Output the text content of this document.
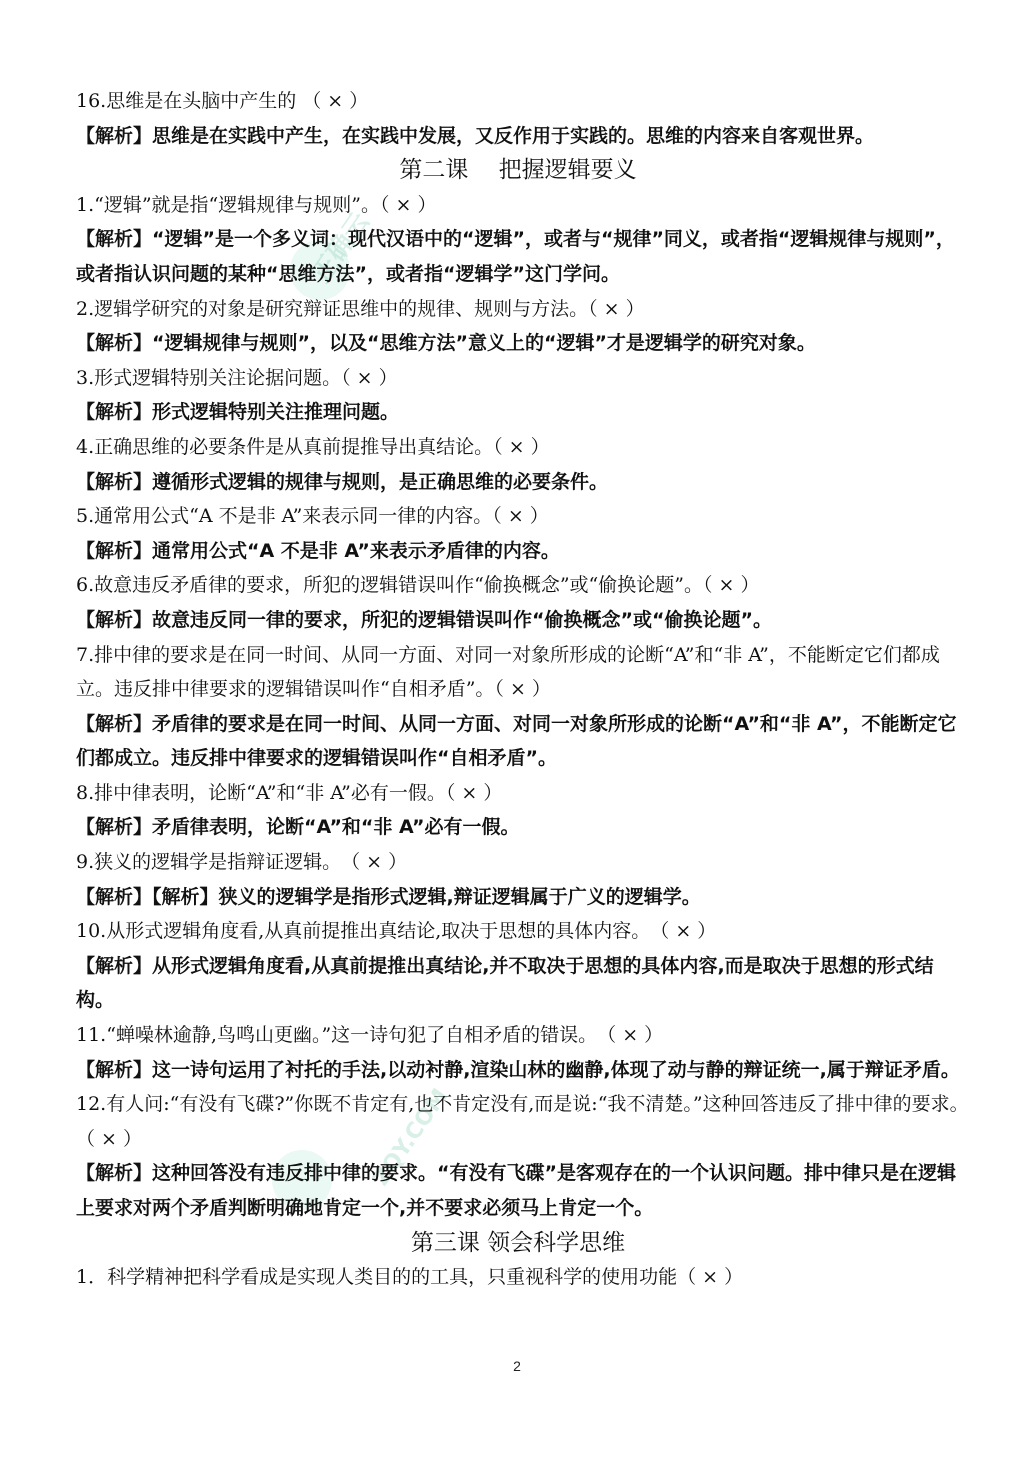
正确云
ZQY.COM

16.思维是在头脑中产生的 （ × ）

【解析】思维是在实践中产生，在实践中发展，又反作用于实践的。思维的内容来自客观世界。

第二课　 把握逻辑要义

1.“逻辑”就是指“逻辑规律与规则”。（ × ）

【解析】“逻辑”是一个多义词：现代汉语中的“逻辑”，或者与“规律”同义，或者指“逻辑规律与规则”，或者指认识问题的某种“思维方法”，或者指“逻辑学”这门学问。

2.逻辑学研究的对象是研究辩证思维中的规律、规则与方法。（ × ）

【解析】“逻辑规律与规则”，以及“思维方法”意义上的“逻辑”才是逻辑学的研究对象。

3.形式逻辑特别关注论据问题。（ × ）

【解析】形式逻辑特别关注推理问题。

4.正确思维的必要条件是从真前提推导出真结论。（ × ）

【解析】遵循形式逻辑的规律与规则，是正确思维的必要条件。

5.通常用公式“A 不是非 A”来表示同一律的内容。（ × ）

【解析】通常用公式“A 不是非 A”来表示矛盾律的内容。

6.故意违反矛盾律的要求，所犯的逻辑错误叫作“偷换概念”或“偷换论题”。（ × ）

【解析】故意违反同一律的要求，所犯的逻辑错误叫作“偷换概念”或“偷换论题”。

7.排中律的要求是在同一时间、从同一方面、对同一对象所形成的论断“A”和“非 A”，不能断定它们都成立。违反排中律要求的逻辑错误叫作“自相矛盾”。（ × ）

【解析】矛盾律的要求是在同一时间、从同一方面、对同一对象所形成的论断“A”和“非 A”，不能断定它们都成立。违反排中律要求的逻辑错误叫作“自相矛盾”。

8.排中律表明，论断“A”和“非 A”必有一假。（ × ）

【解析】矛盾律表明，论断“A”和“非 A”必有一假。

9.狭义的逻辑学是指辩证逻辑。　（ × ）

【解析】【解析】狭义的逻辑学是指形式逻辑,辩证逻辑属于广义的逻辑学。

10.从形式逻辑角度看,从真前提推出真结论,取决于思想的具体内容。　（ × ）

【解析】从形式逻辑角度看,从真前提推出真结论,并不取决于思想的具体内容,而是取决于思想的形式结构。

11.“蝉噪林逾静,鸟鸣山更幽。”这一诗句犯了自相矛盾的错误。　（ × ）

【解析】这一诗句运用了衬托的手法,以动衬静,渲染山林的幽静,体现了动与静的辩证统一,属于辩证矛盾。

12.有人问:“有没有飞碟?”你既不肯定有,也不肯定没有,而是说:“我不清楚。”这种回答违反了排中律的要求。　（ × ）

【解析】这种回答没有违反排中律的要求。“有没有飞碟”是客观存在的一个认识问题。排中律只是在逻辑上要求对两个矛盾判断明确地肯定一个,并不要求必须马上肯定一个。

第三课 领会科学思维

1．科学精神把科学看成是实现人类目的的工具，只重视科学的使用功能（ × ）

2
